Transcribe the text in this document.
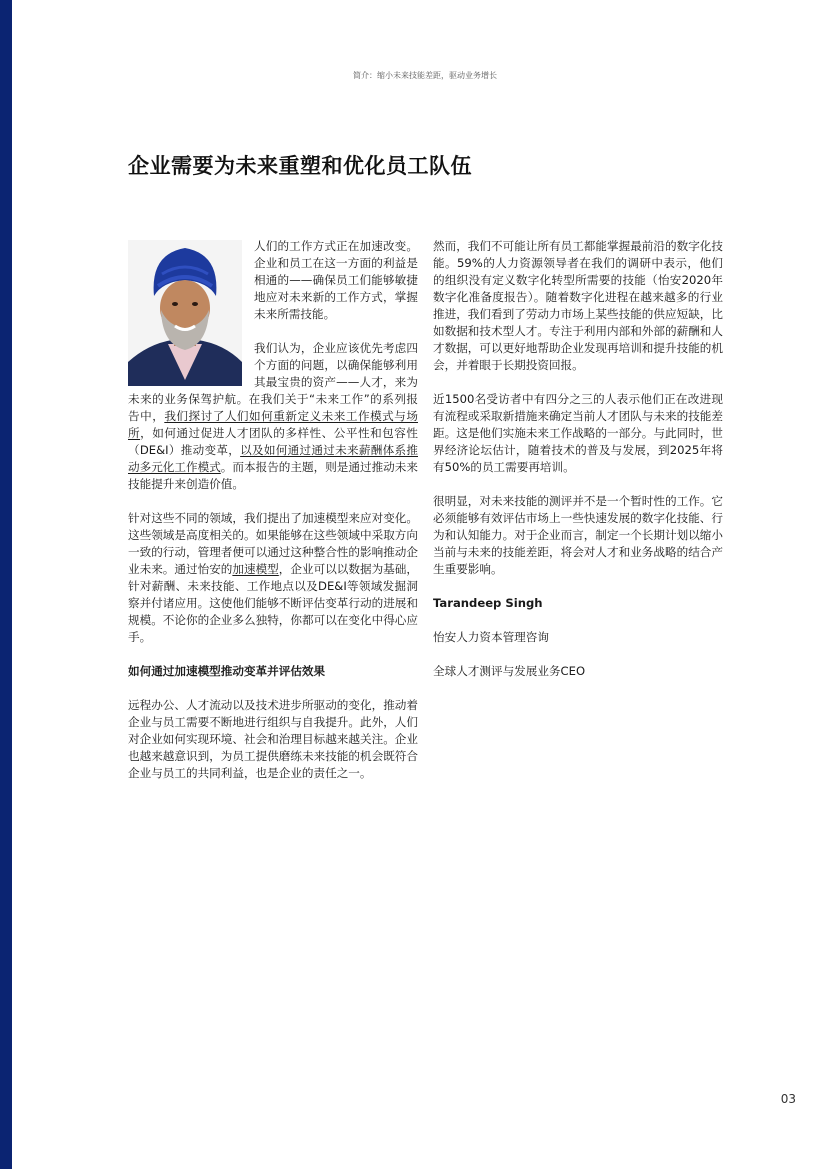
简介：缩小未来技能差距，驱动业务增长
企业需要为未来重塑和优化员工队伍

人们的工作方式正在加速改变。企业和员工在这一方面的利益是相通的——确保员工们能够敏捷地应对未来新的工作方式，掌握未来所需技能。

我们认为，企业应该优先考虑四个方面的问题，以确保能够利用其最宝贵的资产——人才，来为未来的业务保驾护航。在我们关于“未来工作”的系列报告中，我们探讨了人们如何重新定义未来工作模式与场所，如何通过促进人才团队的多样性、公平性和包容性（DE&I）推动变革，以及如何通过通过未来薪酬体系推动多元化工作模式。而本报告的主题，则是通过推动未来技能提升来创造价值。

针对这些不同的领域，我们提出了加速模型来应对变化。这些领域是高度相关的。如果能够在这些领域中采取方向一致的行动，管理者便可以通过这种整合性的影响推动企业未来。通过怡安的加速模型，企业可以以数据为基础，针对薪酬、未来技能、工作地点以及DE&I等领域发掘洞察并付诸应用。这使他们能够不断评估变革行动的进展和规模。不论你的企业多么独特，你都可以在变化中得心应手。

如何通过加速模型推动变革并评估效果

远程办公、人才流动以及技术进步所驱动的变化，推动着企业与员工需要不断地进行组织与自我提升。此外，人们对企业如何实现环境、社会和治理目标越来越关注。企业也越来越意识到，为员工提供磨练未来技能的机会既符合企业与员工的共同利益，也是企业的责任之一。

然而，我们不可能让所有员工都能掌握最前沿的数字化技能。59%的人力资源领导者在我们的调研中表示，他们的组织没有定义数字化转型所需要的技能（怡安2020年数字化准备度报告）。随着数字化进程在越来越多的行业推进，我们看到了劳动力市场上某些技能的供应短缺，比如数据和技术型人才。专注于利用内部和外部的薪酬和人才数据，可以更好地帮助企业发现再培训和提升技能的机会，并着眼于长期投资回报。

近1500名受访者中有四分之三的人表示他们正在改进现有流程或采取新措施来确定当前人才团队与未来的技能差距。这是他们实施未来工作战略的一部分。与此同时，世界经济论坛估计，随着技术的普及与发展，到2025年将有50%的员工需要再培训。

很明显，对未来技能的测评并不是一个暂时性的工作。它必须能够有效评估市场上一些快速发展的数字化技能、行为和认知能力。对于企业而言，制定一个长期计划以缩小当前与未来的技能差距，将会对人才和业务战略的结合产生重要影响。

Tarandeep Singh

怡安人力资本管理咨询

全球人才测评与发展业务CEO

03
